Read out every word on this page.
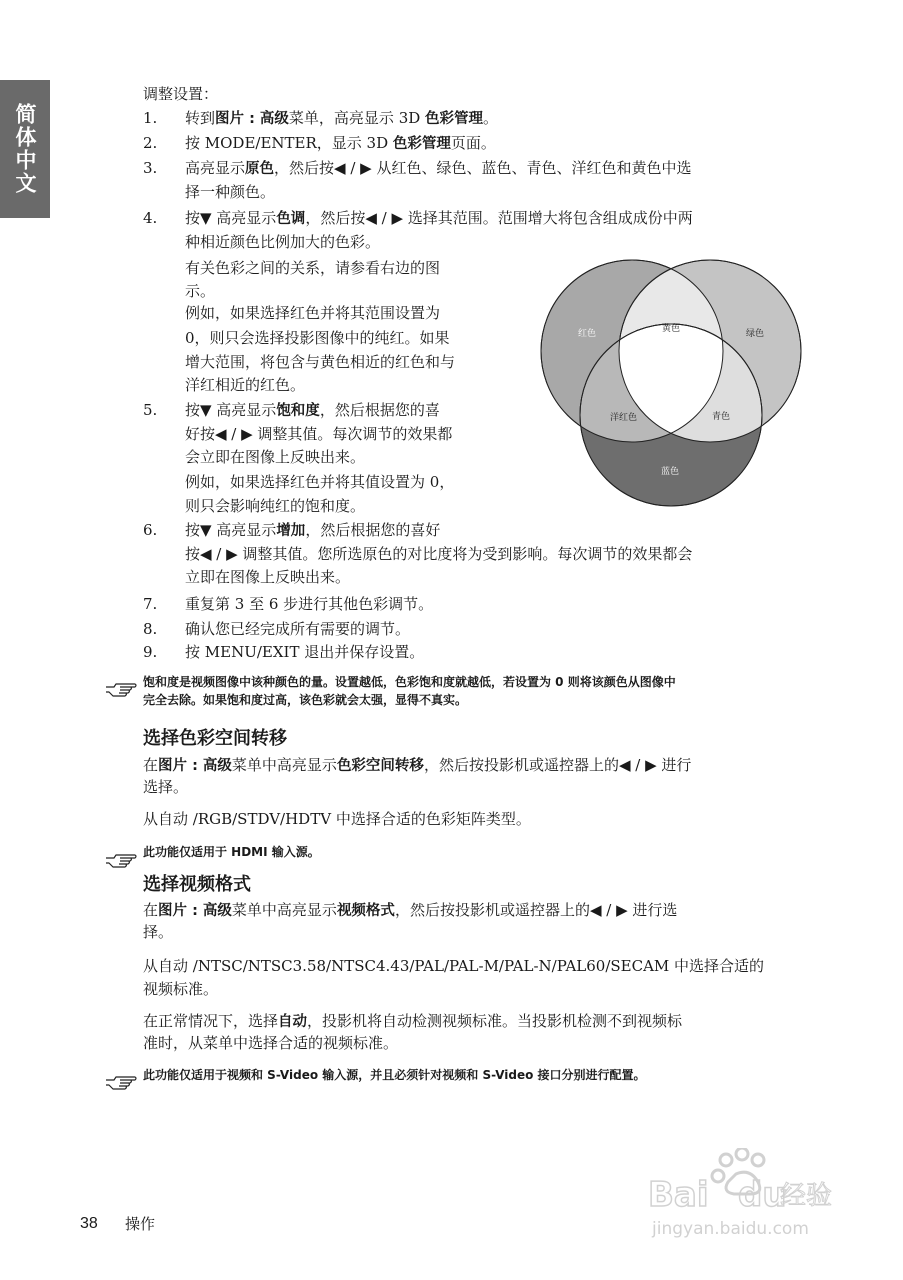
简体中文
调整设置：
1. 转到图片 : 高级菜单，高亮显示 3D 色彩管理。
2. 按 MODE/ENTER，显示 3D 色彩管理页面。
3. 高亮显示原色，然后按◀ / ▶ 从红色、绿色、蓝色、青色、洋红色和黄色中选
择一种颜色。
4. 按▼ 高亮显示色调，然后按◀ / ▶ 选择其范围。范围增大将包含组成成份中两
种相近颜色比例加大的色彩。
有关色彩之间的关系，请参看右边的图
示。
例如，如果选择红色并将其范围设置为
0，则只会选择投影图像中的纯红。如果
增大范围，将包含与黄色相近的红色和与
洋红相近的红色。
5. 按▼ 高亮显示饱和度，然后根据您的喜
好按◀ / ▶ 调整其值。每次调节的效果都
会立即在图像上反映出来。
例如，如果选择红色并将其值设置为 0，
则只会影响纯红的饱和度。
红色	绿色
黄色
洋红色	青色
蓝色
6. 按▼ 高亮显示增加，然后根据您的喜好
按◀ / ▶ 调整其值。您所选原色的对比度将为受到影响。每次调节的效果都会
立即在图像上反映出来。
7. 重复第 3 至 6 步进行其他色彩调节。
8. 确认您已经完成所有需要的调节。
9. 按 MENU/EXIT 退出并保存设置。
饱和度是视频图像中该种颜色的量。设置越低，色彩饱和度就越低，若设置为 0 则将该颜色从图像中
完全去除。如果饱和度过高，该色彩就会太强，显得不真实。
选择色彩空间转移
在图片 : 高级菜单中高亮显示色彩空间转移，然后按投影机或遥控器上的◀ / ▶ 进行
选择。
从自动 /RGB/STDV/HDTV 中选择合适的色彩矩阵类型。
此功能仅适用于 HDMI 输入源。
选择视频格式
在图片 : 高级菜单中高亮显示视频格式，然后按投影机或遥控器上的◀ / ▶ 进行选
择。
从自动 /NTSC/NTSC3.58/NTSC4.43/PAL/PAL-M/PAL-N/PAL60/SECAM 中选择合适的
视频标准。
在正常情况下，选择自动，投影机将自动检测视频标准。当投影机检测不到视频标
准时，从菜单中选择合适的视频标准。
此功能仅适用于视频和 S-Video 输入源，并且必须针对视频和 S-Video 接口分别进行配置。
Bai du
经验
jingyan.baidu.com
38 操作
